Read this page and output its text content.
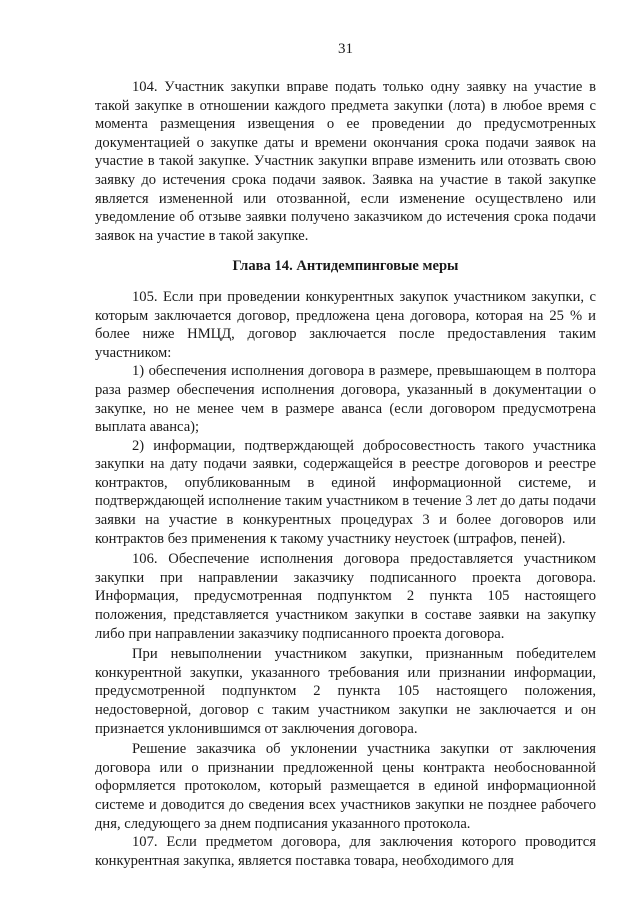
31

104. Участник закупки вправе подать только одну заявку на участие в такой закупке в отношении каждого предмета закупки (лота) в любое время с момента размещения извещения о ее проведении до предусмотренных документацией о закупке даты и времени окончания срока подачи заявок на участие в такой закупке. Участник закупки вправе изменить или отозвать свою заявку до истечения срока подачи заявок. Заявка на участие в такой закупке является измененной или отозванной, если изменение осуществлено или уведомление об отзыве заявки получено заказчиком до истечения срока подачи заявок на участие в такой закупке.

Глава 14. Антидемпинговые меры

105. Если при проведении конкурентных закупок участником закупки, с которым заключается договор, предложена цена договора, которая на 25 % и более ниже НМЦД, договор заключается после предоставления таким участником:

1) обеспечения исполнения договора в размере, превышающем в полтора раза размер обеспечения исполнения договора, указанный в документации о закупке, но не менее чем в размере аванса (если договором предусмотрена выплата аванса);

2) информации, подтверждающей добросовестность такого участника закупки на дату подачи заявки, содержащейся в реестре договоров и реестре контрактов, опубликованным в единой информационной системе, и подтверждающей исполнение таким участником в течение 3 лет до даты подачи заявки на участие в конкурентных процедурах 3 и более договоров или контрактов без применения к такому участнику неустоек (штрафов, пеней).

106. Обеспечение исполнения договора предоставляется участником закупки при направлении заказчику подписанного проекта договора. Информация, предусмотренная подпунктом 2 пункта 105 настоящего положения, представляется участником закупки в составе заявки на закупку либо при направлении заказчику подписанного проекта договора.

При невыполнении участником закупки, признанным победителем конкурентной закупки, указанного требования или признании информации, предусмотренной подпунктом 2 пункта 105 настоящего положения, недостоверной, договор с таким участником закупки не заключается и он признается уклонившимся от заключения договора.

Решение заказчика об уклонении участника закупки от заключения договора или о признании предложенной цены контракта необоснованной оформляется протоколом, который размещается в единой информационной системе и доводится до сведения всех участников закупки не позднее рабочего дня, следующего за днем подписания указанного протокола.

107. Если предметом договора, для заключения которого проводится конкурентная закупка, является поставка товара, необходимого для
